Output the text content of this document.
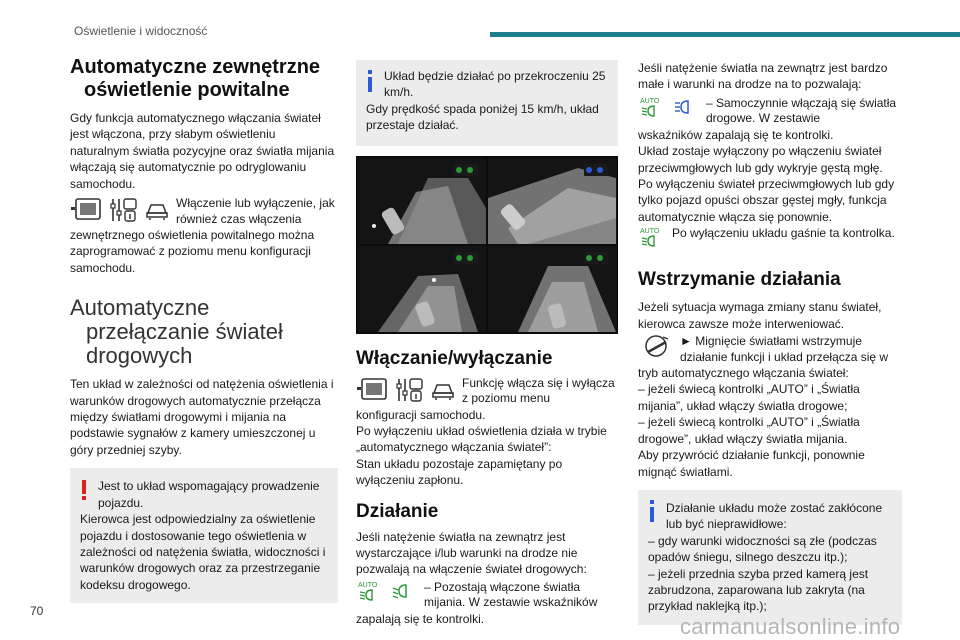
Oświetlenie i widoczność
Automatyczne zewnętrzne
oświetlenie powitalne

Gdy funkcja automatycznego włączania świateł jest włączona, przy słabym oświetleniu naturalnym światła pozycyjne oraz światła mijania włączają się automatycznie po odryglowaniu samochodu.

Włączenie lub wyłączenie, jak również czas włączenia

zewnętrznego oświetlenia powitalnego można zaprogramować z poziomu menu konfiguracji samochodu.

Automatyczne
przełączanie świateł
drogowych

Ten układ w zależności od natężenia oświetlenia i warunków drogowych automatycznie przełącza między światłami drogowymi i mijania na podstawie sygnałów z kamery umieszczonej u góry przedniej szyby.

Jest to układ wspomagający prowadzenie pojazdu.
Kierowca jest odpowiedzialny za oświetlenie pojazdu i dostosowanie tego oświetlenia w zależności od natężenia światła, widoczności i warunków drogowych oraz za przestrzeganie kodeksu drogowego.
Układ będzie działać po przekroczeniu 25 km/h.
Gdy prędkość spada poniżej 15 km/h, układ przestaje działać.
Włączanie/wyłączanie
Funkcję włącza się i wyłącza z poziomu menu

konfiguracji samochodu.
Po wyłączeniu układ oświetlenia działa w trybie „automatycznego włączania świateł”:
Stan układu pozostaje zapamiętany po wyłączeniu zapłonu.

Działanie

Jeśli natężenie światła na zewnątrz jest wystarczające i/lub warunki na drodze nie pozwalają na włączenie świateł drogowych:

AUTO	– Pozostają włączone światła mijania. W zestawie wskaźników

zapalają się te kontrolki.

Jeśli natężenie światła na zewnątrz jest bardzo małe i warunki na drodze na to pozwalają:

AUTO	– Samoczynnie włączają się światła drogowe. W zestawie

wskaźników zapalają się te kontrolki.
Układ zostaje wyłączony po włączeniu świateł przeciwmgłowych lub gdy wykryje gęstą mgłę.
Po wyłączeniu świateł przeciwmgłowych lub gdy tylko pojazd opuści obszar gęstej mgły, funkcja automatycznie włącza się ponownie.

AUTO	Po wyłączeniu układu gaśnie ta kontrolka.
Wstrzymanie działania

Jeżeli sytuacja wymaga zmiany stanu świateł, kierowca zawsze może interweniować.

► Mignięcie światłami wstrzymuje działanie funkcji i układ przełącza się w

tryb automatycznego włączania świateł:
– jeżeli świecą kontrolki „AUTO” i „Światła mijania”, układ włączy światła drogowe;
– jeżeli świecą kontrolki „AUTO” i „Światła drogowe”, układ włączy światła mijania.
Aby przywrócić działanie funkcji, ponownie mignąć światłami.

Działanie układu może zostać zakłócone lub być nieprawidłowe:
– gdy warunki widoczności są złe (podczas opadów śniegu, silnego deszczu itp.);
– jeżeli przednia szyba przed kamerą jest zabrudzona, zaparowana lub zakryta (na przykład naklejką itp.);
70
carmanualsonline.info
